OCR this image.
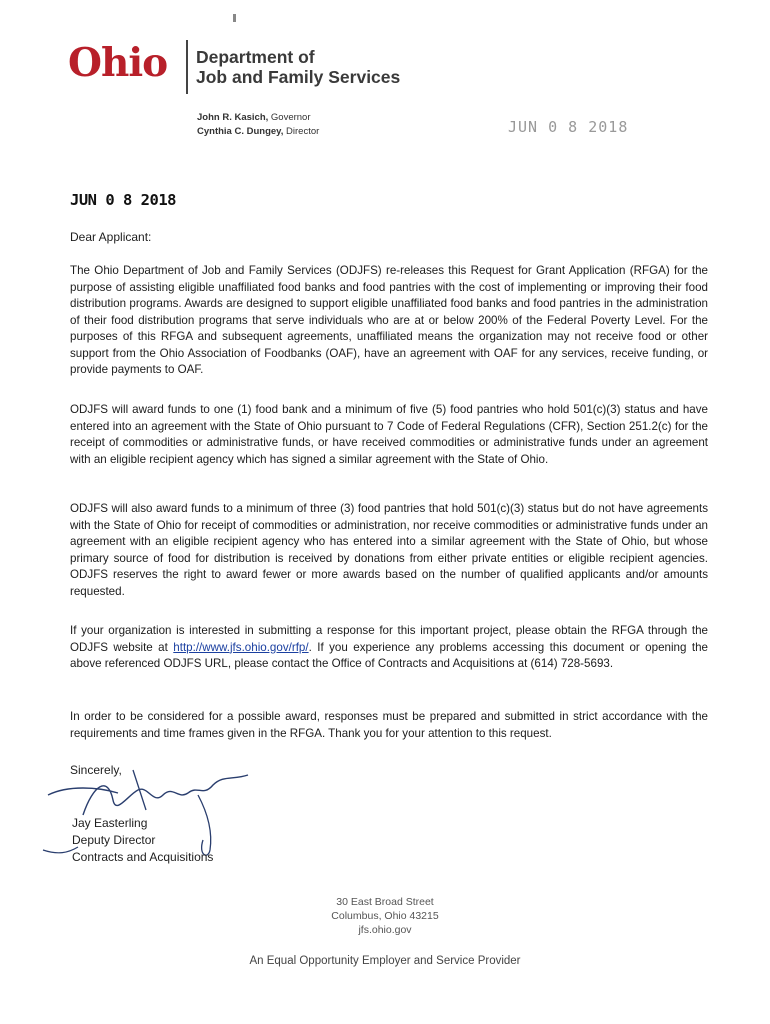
Ohio Department of
Job and Family Services
John R. Kasich, Governor
Cynthia C. Dungey, Director	JUN 0 8 2018
JUN 0 8 2018
Dear Applicant:
The Ohio Department of Job and Family Services (ODJFS) re-releases this Request for Grant Application (RFGA) for the purpose of assisting eligible unaffiliated food banks and food pantries with the cost of implementing or improving their food distribution programs. Awards are designed to support eligible unaffiliated food banks and food pantries in the administration of their food distribution programs that serve individuals who are at or below 200% of the Federal Poverty Level. For the purposes of this RFGA and subsequent agreements, unaffiliated means the organization may not receive food or other support from the Ohio Association of Foodbanks (OAF), have an agreement with OAF for any services, receive funding, or provide payments to OAF.
ODJFS will award funds to one (1) food bank and a minimum of five (5) food pantries who hold 501(c)(3) status and have entered into an agreement with the State of Ohio pursuant to 7 Code of Federal Regulations (CFR), Section 251.2(c) for the receipt of commodities or administrative funds, or have received commodities or administrative funds under an agreement with an eligible recipient agency which has signed a similar agreement with the State of Ohio.
ODJFS will also award funds to a minimum of three (3) food pantries that hold 501(c)(3) status but do not have agreements with the State of Ohio for receipt of commodities or administration, nor receive commodities or administrative funds under an agreement with an eligible recipient agency who has entered into a similar agreement with the State of Ohio, but whose primary source of food for distribution is received by donations from either private entities or eligible recipient agencies. ODJFS reserves the right to award fewer or more awards based on the number of qualified applicants and/or amounts requested.
If your organization is interested in submitting a response for this important project, please obtain the RFGA through the ODJFS website at http://www.jfs.ohio.gov/rfp/. If you experience any problems accessing this document or opening the above referenced ODJFS URL, please contact the Office of Contracts and Acquisitions at (614) 728-5693.
In order to be considered for a possible award, responses must be prepared and submitted in strict accordance with the requirements and time frames given in the RFGA. Thank you for your attention to this request.
Sincerely,
Jay Easterling
Deputy Director
Contracts and Acquisitions
30 East Broad Street
Columbus, Ohio 43215
jfs.ohio.gov
An Equal Opportunity Employer and Service Provider
